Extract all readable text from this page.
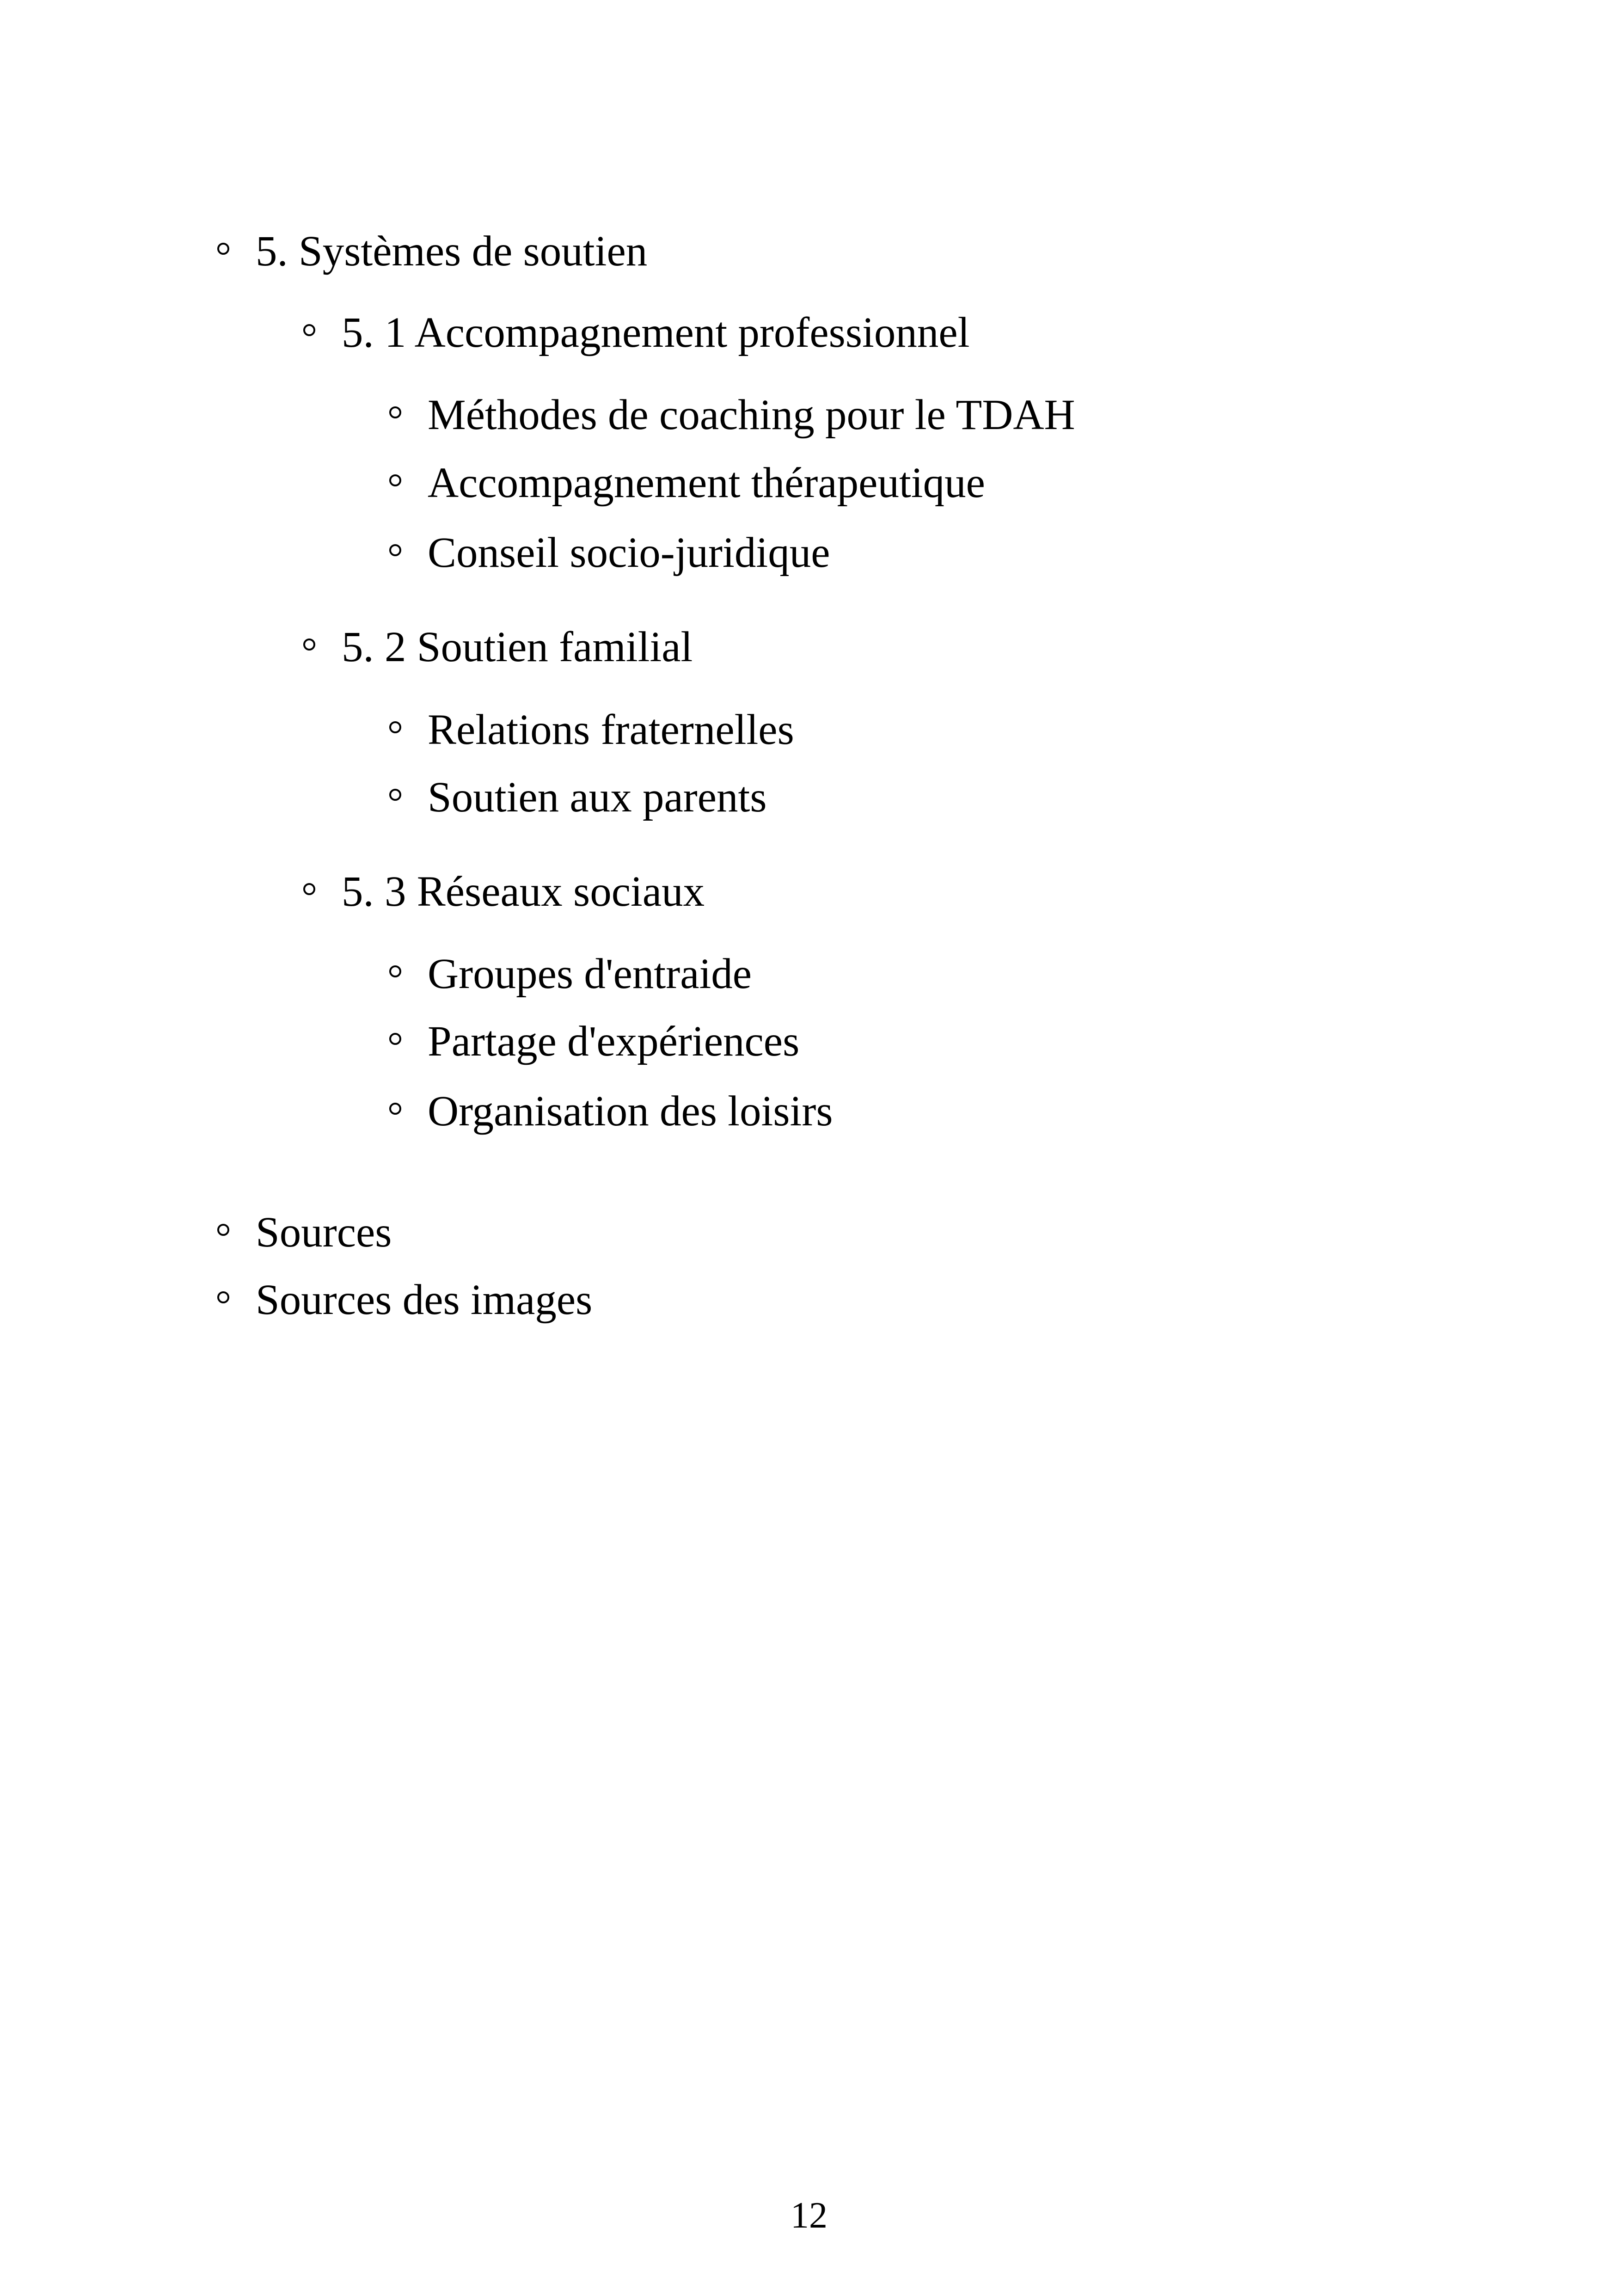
5. Systèmes de soutien
5. 1 Accompagnement professionnel
Méthodes de coaching pour le TDAH
Accompagnement thérapeutique
Conseil socio-juridique
5. 2 Soutien familial
Relations fraternelles
Soutien aux parents
5. 3 Réseaux sociaux
Groupes d'entraide
Partage d'expériences
Organisation des loisirs
Sources
Sources des images
12
